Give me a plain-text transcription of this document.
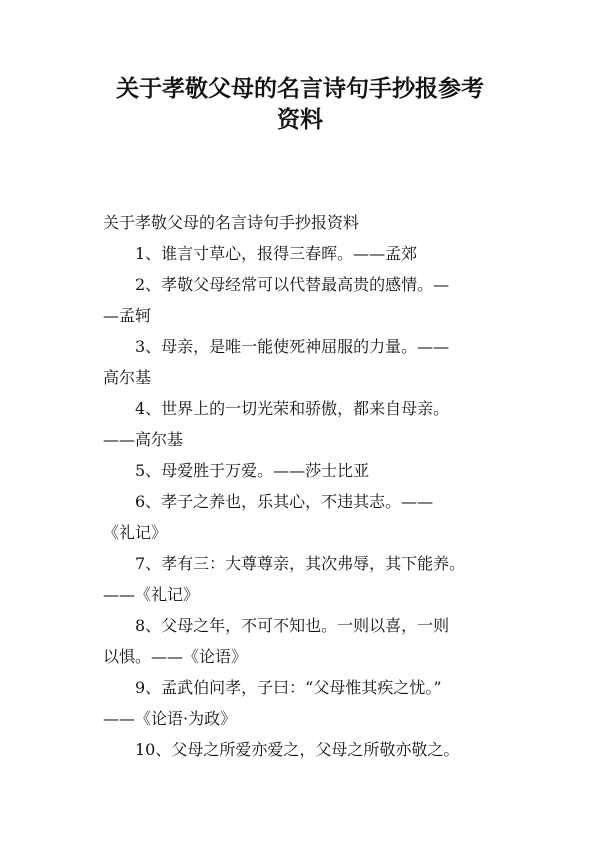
关于孝敬父母的名言诗句手抄报参考
资料

关于孝敬父母的名言诗句手抄报资料

1、谁言寸草心，报得三春晖。——孟郊

2、孝敬父母经常可以代替最高贵的感情。—

—孟轲

3、母亲，是唯一能使死神屈服的力量。——

高尔基

4、世界上的一切光荣和骄傲，都来自母亲。

——高尔基

5、母爱胜于万爱。——莎士比亚

6、孝子之养也，乐其心，不违其志。——

《礼记》

7、孝有三：大尊尊亲，其次弗辱，其下能养。

——《礼记》

8、父母之年，不可不知也。一则以喜，一则

以惧。——《论语》

9、孟武伯问孝，子曰：“父母惟其疾之忧。”

——《论语·为政》

10、父母之所爱亦爱之，父母之所敬亦敬之。
